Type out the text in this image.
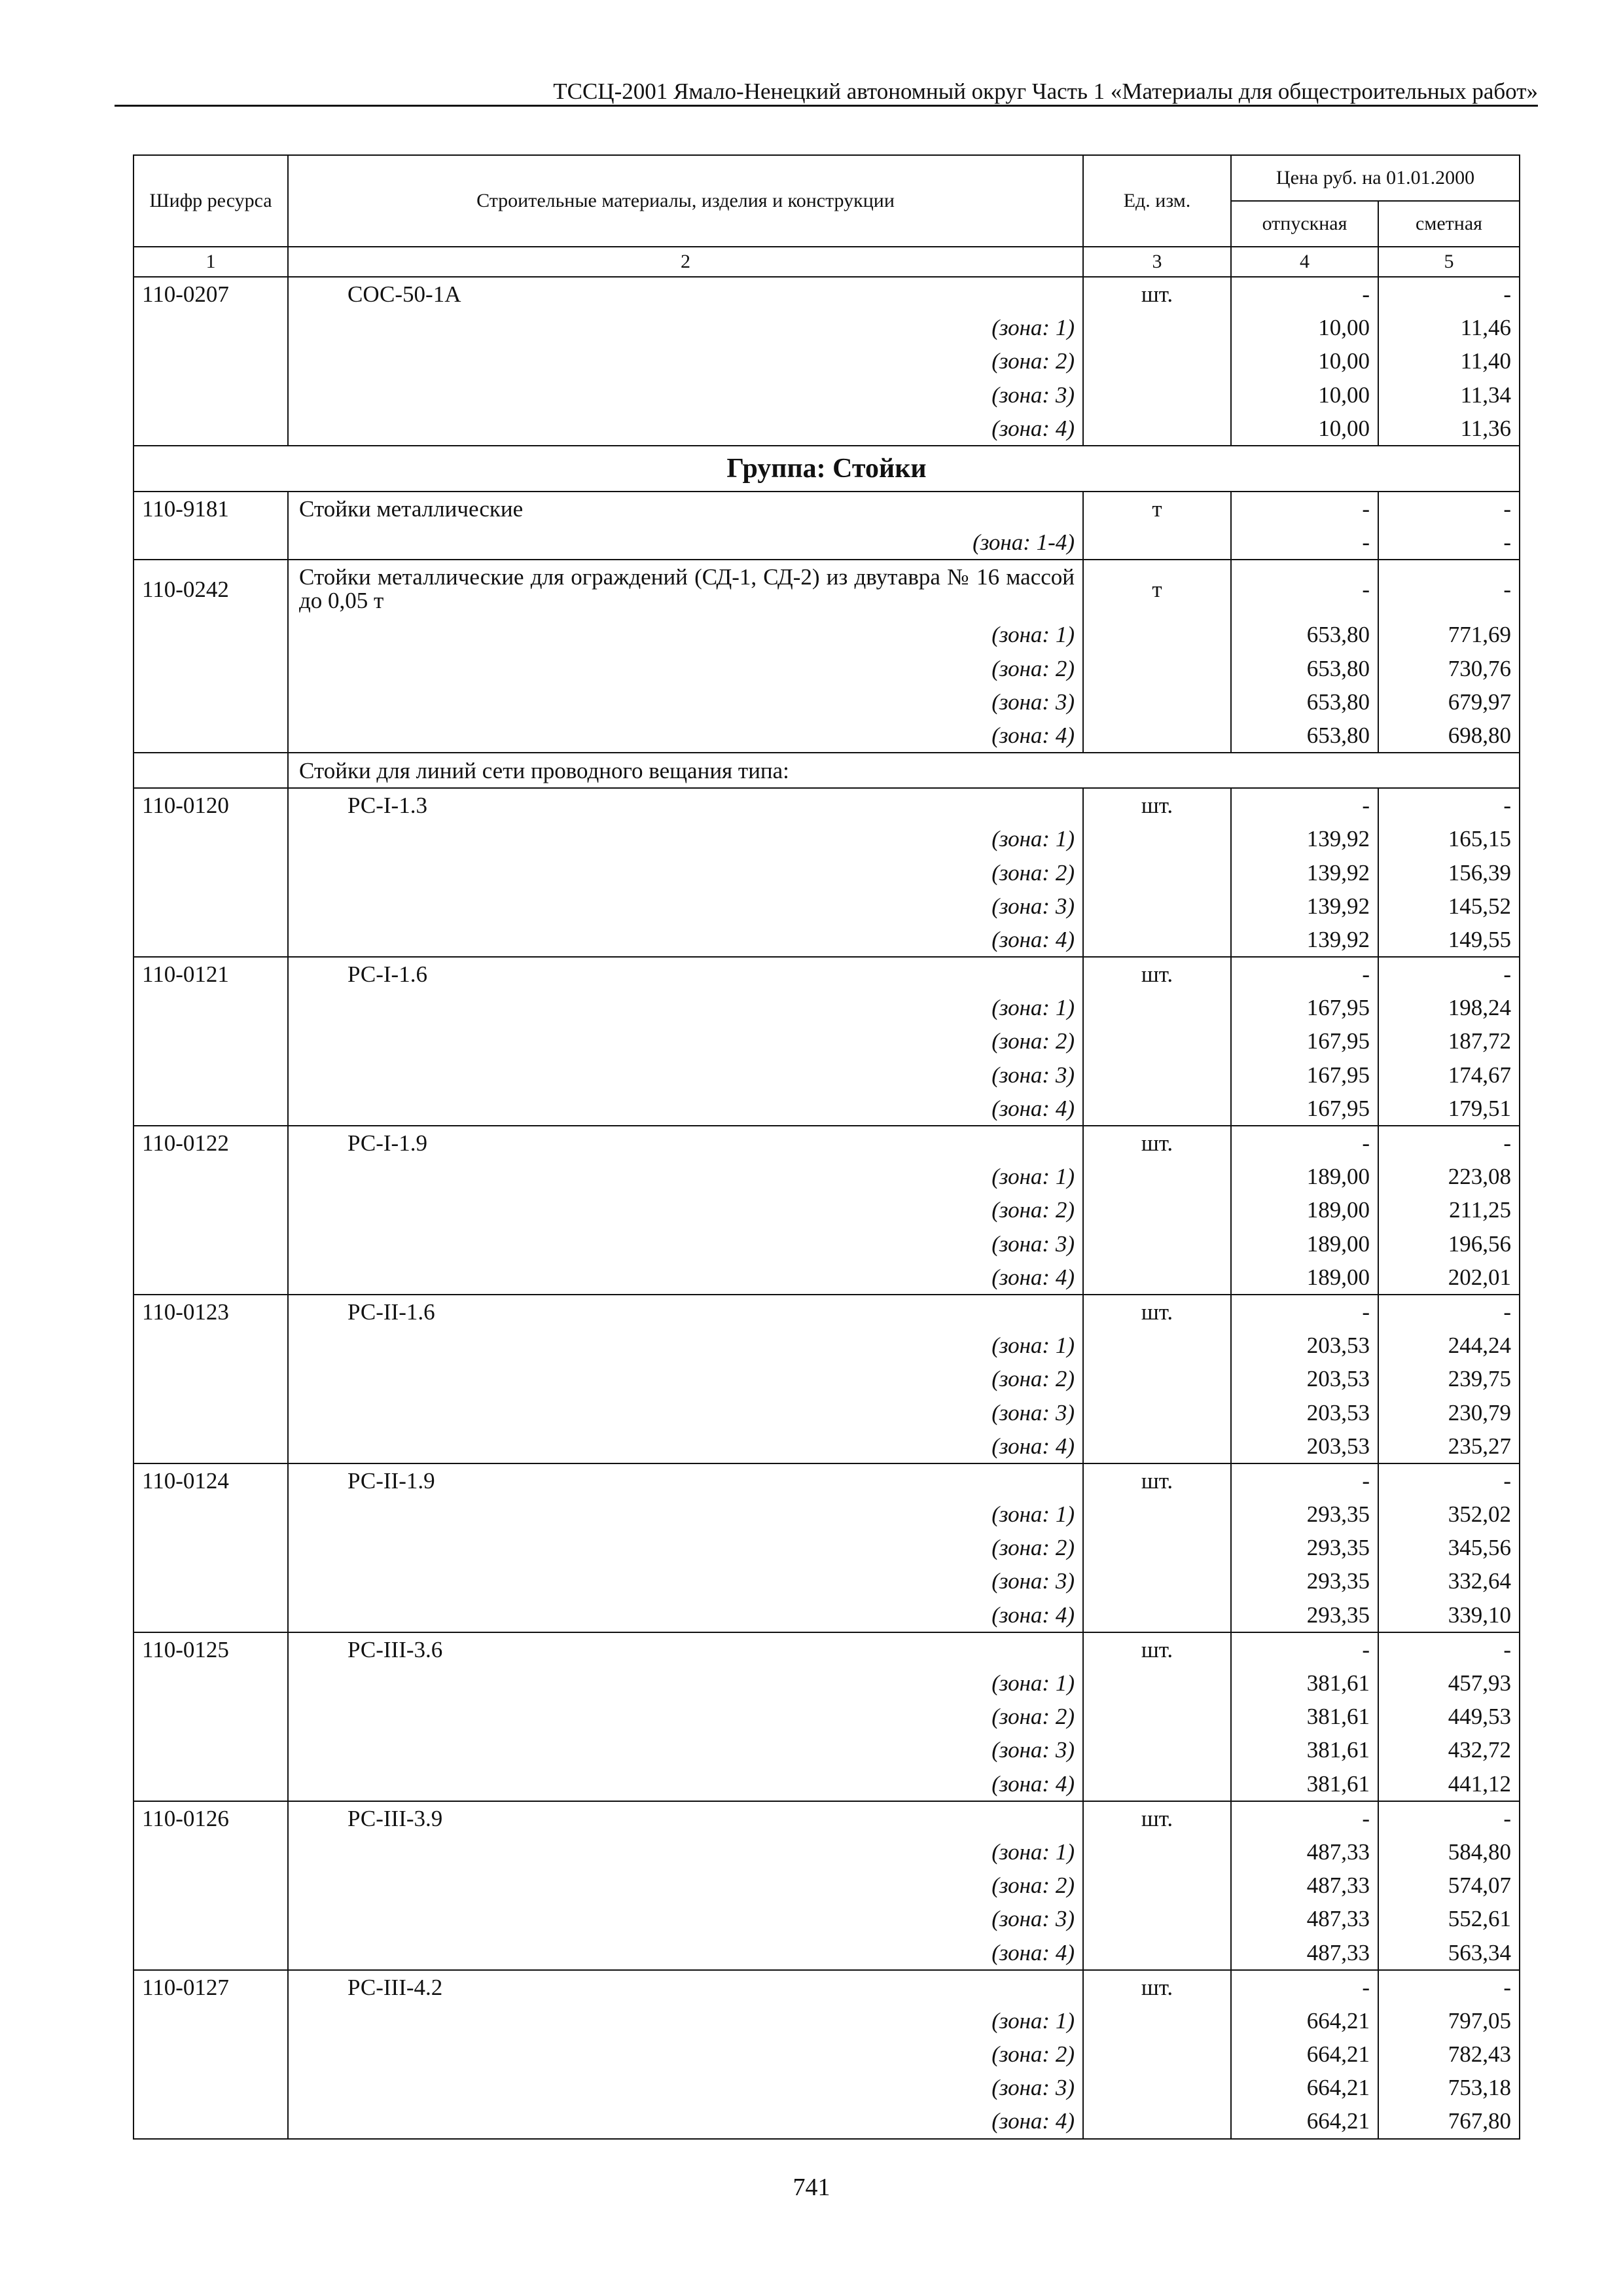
ТССЦ-2001 Ямало-Ненецкий автономный округ Часть 1 «Материалы для общестроительных работ»
Шифр ресурса	Строительные материалы, изделия и конструкции	Ед. изм.	Цена руб. на 01.01.2000	
			отпускная	сметная
1	2	3	4	5
110-0207	СОС-50-1А	шт.	-	-
	(зона: 1)		10,00	11,46
	(зона: 2)		10,00	11,40
	(зона: 3)		10,00	11,34
	(зона: 4)		10,00	11,36
Группа: Стойки				
110-9181	Стойки металлические	т	-	-
	(зона: 1-4)		-	-
110-0242	Стойки металлические для ограждений (СД-1, СД-2) из двутавра № 16 массой до 0,05 т	т	-	-
	(зона: 1)		653,80	771,69
	(зона: 2)		653,80	730,76
	(зона: 3)		653,80	679,97
	(зона: 4)		653,80	698,80
	Стойки для линий сети проводного вещания типа:			
110-0120	РС-I-1.3	шт.	-	-
	(зона: 1)		139,92	165,15
	(зона: 2)		139,92	156,39
	(зона: 3)		139,92	145,52
	(зона: 4)		139,92	149,55
110-0121	РС-I-1.6	шт.	-	-
	(зона: 1)		167,95	198,24
	(зона: 2)		167,95	187,72
	(зона: 3)		167,95	174,67
	(зона: 4)		167,95	179,51
110-0122	РС-I-1.9	шт.	-	-
	(зона: 1)		189,00	223,08
	(зона: 2)		189,00	211,25
	(зона: 3)		189,00	196,56
	(зона: 4)		189,00	202,01
110-0123	РС-II-1.6	шт.	-	-
	(зона: 1)		203,53	244,24
	(зона: 2)		203,53	239,75
	(зона: 3)		203,53	230,79
	(зона: 4)		203,53	235,27
110-0124	РС-II-1.9	шт.	-	-
	(зона: 1)		293,35	352,02
	(зона: 2)		293,35	345,56
	(зона: 3)		293,35	332,64
	(зона: 4)		293,35	339,10
110-0125	РС-III-3.6	шт.	-	-
	(зона: 1)		381,61	457,93
	(зона: 2)		381,61	449,53
	(зона: 3)		381,61	432,72
	(зона: 4)		381,61	441,12
110-0126	РС-III-3.9	шт.	-	-
	(зона: 1)		487,33	584,80
	(зона: 2)		487,33	574,07
	(зона: 3)		487,33	552,61
	(зона: 4)		487,33	563,34
110-0127	РС-III-4.2	шт.	-	-
	(зона: 1)		664,21	797,05
	(зона: 2)		664,21	782,43
	(зона: 3)		664,21	753,18
	(зона: 4)		664,21	767,80
741
